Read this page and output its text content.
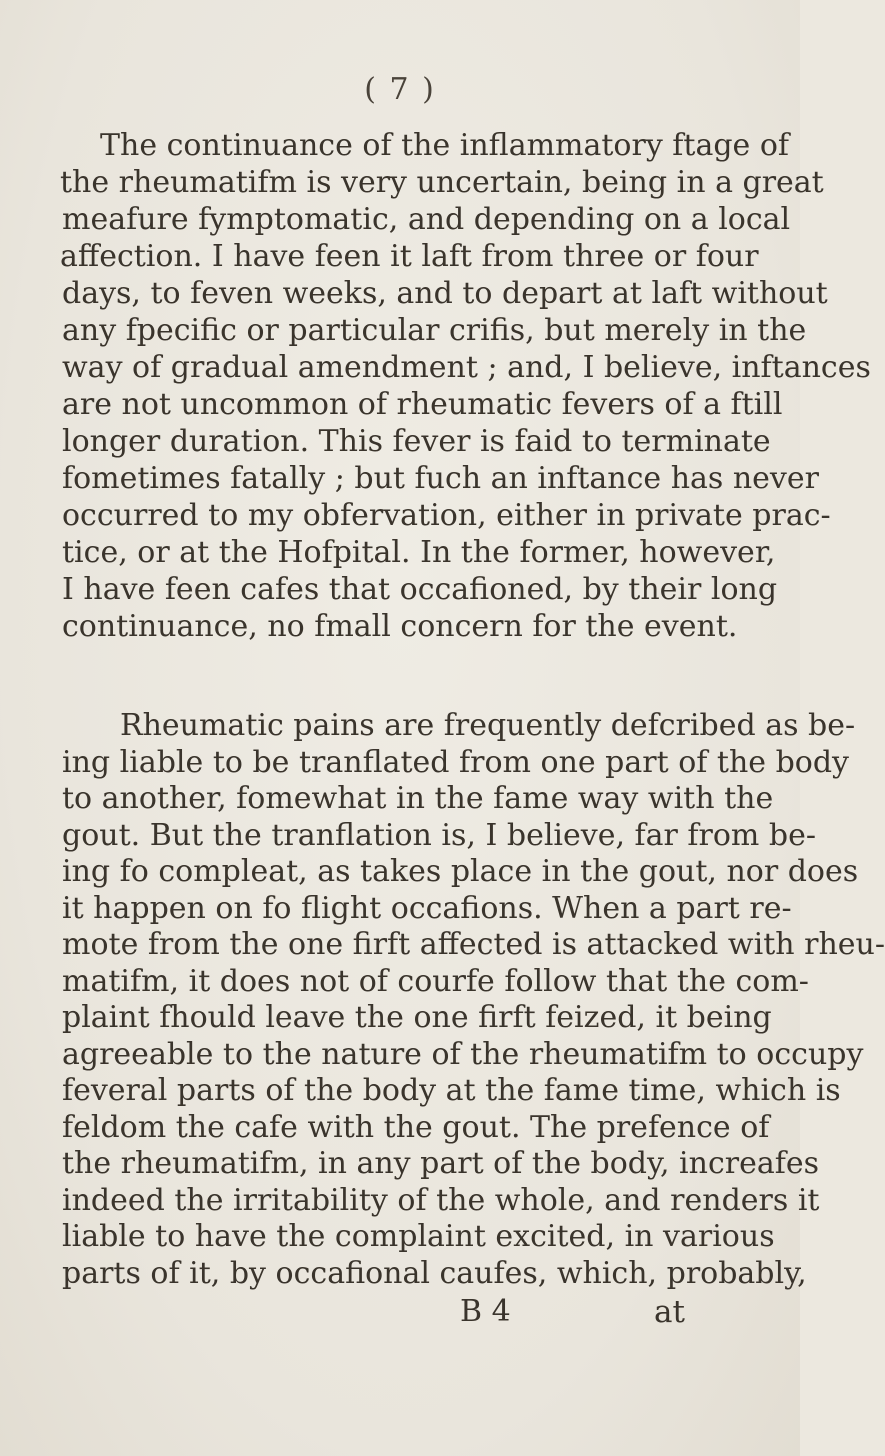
( 7 )
The continuance of the inflammatory ftage of
the rheumatifm is very uncertain, being in a great
meafure fymptomatic, and depending on a local
affection. I have feen it laft from three or four
days, to feven weeks, and to depart at laft without
any fpecific or particular crifis, but merely in the
way of gradual amendment ; and, I believe, inftances
are not uncommon of rheumatic fevers of a ftill
longer duration. This fever is faid to terminate
fometimes fatally ; but fuch an inftance has never
occurred to my obfervation, either in private prac-
tice, or at the Hofpital. In the former, however,
I have feen cafes that occafioned, by their long
continuance, no fmall concern for the event.
Rheumatic pains are frequently defcribed as be-
ing liable to be tranflated from one part of the body
to another, fomewhat in the fame way with the
gout. But the tranflation is, I believe, far from be-
ing fo compleat, as takes place in the gout, nor does
it happen on fo flight occafions. When a part re-
mote from the one firft affected is attacked with rheu-
matifm, it does not of courfe follow that the com-
plaint fhould leave the one firft feized, it being
agreeable to the nature of the rheumatifm to occupy
feveral parts of the body at the fame time, which is
feldom the cafe with the gout. The prefence of
the rheumatifm, in any part of the body, increafes
indeed the irritability of the whole, and renders it
liable to have the complaint excited, in various
parts of it, by occafional caufes, which, probably,
B 4	at
